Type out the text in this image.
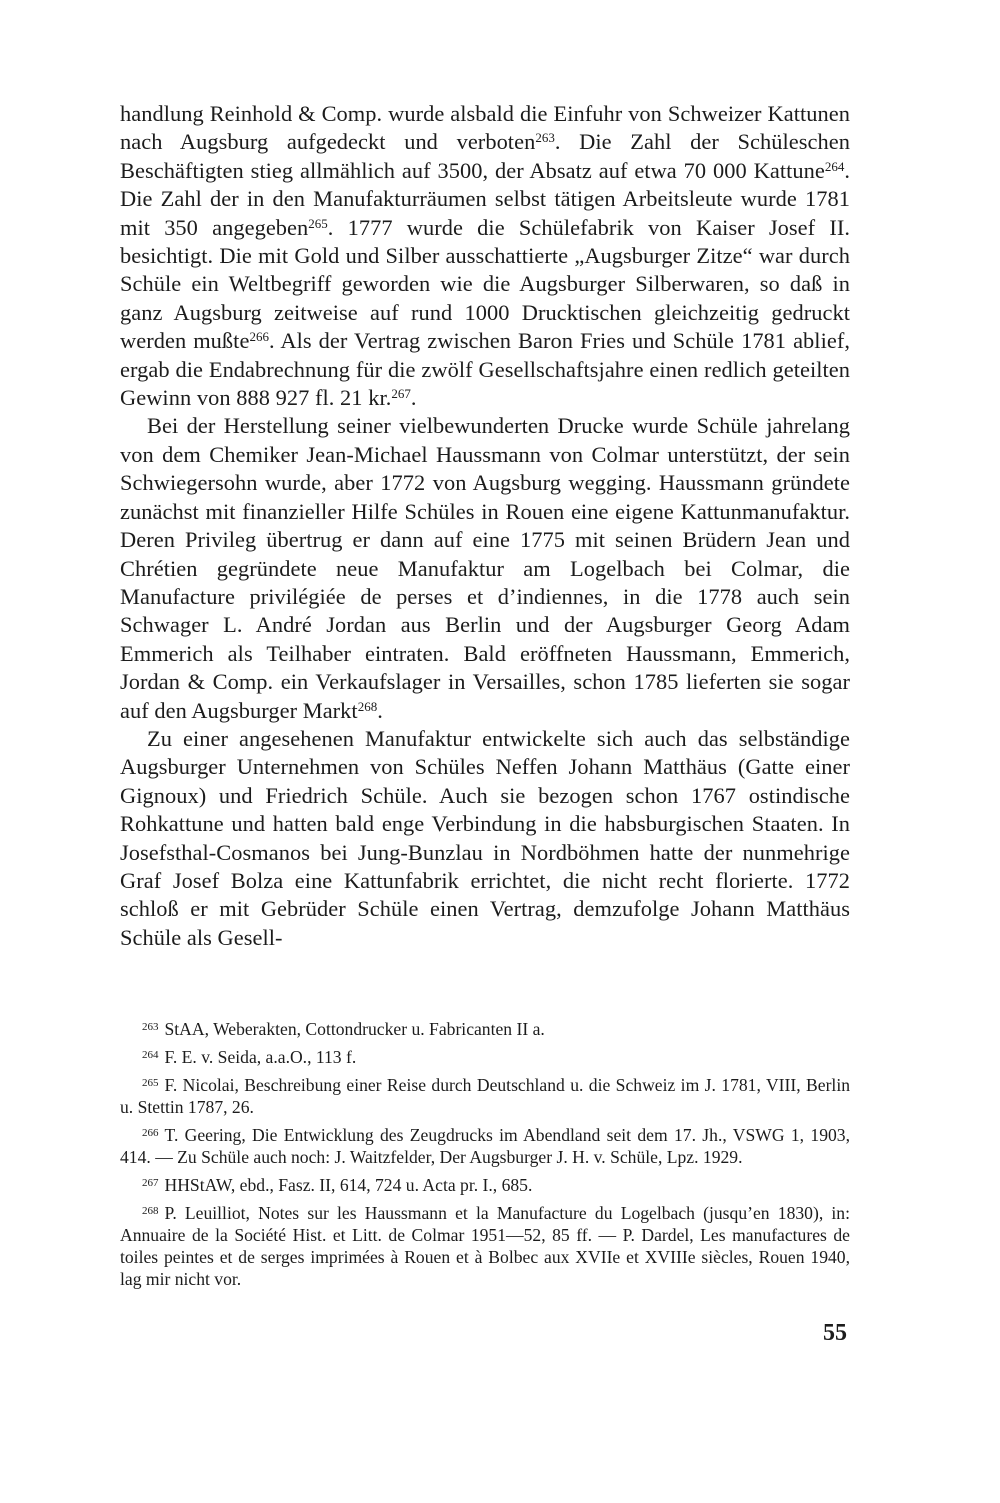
handlung Reinhold & Comp. wurde alsbald die Einfuhr von Schweizer Kattunen nach Augsburg aufgedeckt und verboten$^{263}$. Die Zahl der Schüleschen Beschäftigten stieg allmählich auf 3500, der Absatz auf etwa 70 000 Kattune$^{264}$. Die Zahl der in den Manufakturräumen selbst tätigen Arbeitsleute wurde 1781 mit 350 angegeben$^{265}$. 1777 wurde die Schülefabrik von Kaiser Josef II. besichtigt. Die mit Gold und Silber ausschattierte „Augsburger Zitze“ war durch Schüle ein Weltbegriff geworden wie die Augsburger Silberwaren, so daß in ganz Augsburg zeitweise auf rund 1000 Drucktischen gleichzeitig gedruckt werden mußte$^{266}$. Als der Vertrag zwischen Baron Fries und Schüle 1781 ablief, ergab die Endabrechnung für die zwölf Gesellschaftsjahre einen redlich geteilten Gewinn von 888 927 fl. 21 kr.$^{267}$.

Bei der Herstellung seiner vielbewunderten Drucke wurde Schüle jahrelang von dem Chemiker Jean-Michael Haussmann von Colmar unterstützt, der sein Schwiegersohn wurde, aber 1772 von Augsburg wegging. Haussmann gründete zunächst mit finanzieller Hilfe Schüles in Rouen eine eigene Kattunmanufaktur. Deren Privileg übertrug er dann auf eine 1775 mit seinen Brüdern Jean und Chrétien gegründete neue Manufaktur am Logelbach bei Colmar, die Manufacture privilégiée de perses et d’indiennes, in die 1778 auch sein Schwager L. André Jordan aus Berlin und der Augsburger Georg Adam Emmerich als Teilhaber eintraten. Bald eröffneten Haussmann, Emmerich, Jordan & Comp. ein Verkaufslager in Versailles, schon 1785 lieferten sie sogar auf den Augsburger Markt$^{268}$.

Zu einer angesehenen Manufaktur entwickelte sich auch das selbständige Augsburger Unternehmen von Schüles Neffen Johann Matthäus (Gatte einer Gignoux) und Friedrich Schüle. Auch sie bezogen schon 1767 ostindische Rohkattune und hatten bald enge Verbindung in die habsburgischen Staaten. In Josefsthal-Cosmanos bei Jung-Bunzlau in Nordböhmen hatte der nunmehrige Graf Josef Bolza eine Kattunfabrik errichtet, die nicht recht florierte. 1772 schloß er mit Gebrüder Schüle einen Vertrag, demzufolge Johann Matthäus Schüle als Gesell-

$^{263}$ StAA, Weberakten, Cottondrucker u. Fabricanten II a.
$^{264}$ F. E. v. Seida, a.a.O., 113 f.
$^{265}$ F. Nicolai, Beschreibung einer Reise durch Deutschland u. die Schweiz im J. 1781, VIII, Berlin u. Stettin 1787, 26.
$^{266}$ T. Geering, Die Entwicklung des Zeugdrucks im Abendland seit dem 17. Jh., VSWG 1, 1903, 414. — Zu Schüle auch noch: J. Waitzfelder, Der Augsburger J. H. v. Schüle, Lpz. 1929.
$^{267}$ HHStAW, ebd., Fasz. II, 614, 724 u. Acta pr. I., 685.
$^{268}$ P. Leuilliot, Notes sur les Haussmann et la Manufacture du Logelbach (jusqu’en 1830), in: Annuaire de la Société Hist. et Litt. de Colmar 1951—52, 85 ff. — P. Dardel, Les manufactures de toiles peintes et de serges imprimées à Rouen et à Bolbec aux XVIIe et XVIIIe siècles, Rouen 1940, lag mir nicht vor.
55
